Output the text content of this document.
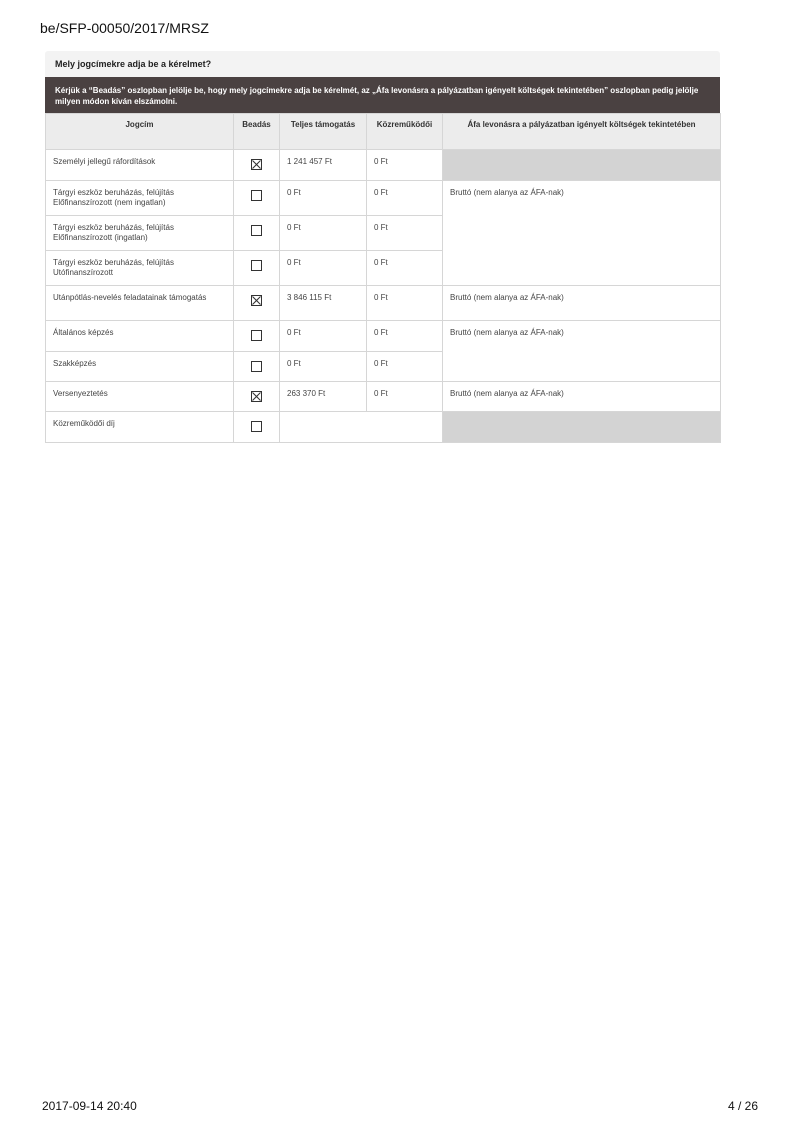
be/SFP-00050/2017/MRSZ
Mely jogcímekre adja be a kérelmet?
Kérjük a “Beadás” oszlopban jelölje be, hogy mely jogcímekre adja be kérelmét, az „Áfa levonásra a pályázatban igényelt költségek tekintetében” oszlopban pedig jelölje milyen módon kíván elszámolni.
Jogcím	Beadás	Teljes támogatás	Közreműködői	Áfa levonásra a pályázatban igényelt költségek tekintetében
Személyi jellegű ráfordítások		1 241 457 Ft	0 Ft	
Tárgyi eszköz beruházás, felújítás Előfinanszírozott (nem ingatlan)		0 Ft	0 Ft	Bruttó (nem alanya az ÁFA-nak)
Tárgyi eszköz beruházás, felújítás Előfinanszírozott (ingatlan)		0 Ft	0 Ft	
Tárgyi eszköz beruházás, felújítás Utófinanszírozott		0 Ft	0 Ft	
Utánpótlás-nevelés feladatainak támogatás		3 846 115 Ft	0 Ft	Bruttó (nem alanya az ÁFA-nak)
Általános képzés		0 Ft	0 Ft	Bruttó (nem alanya az ÁFA-nak)
Szakképzés		0 Ft	0 Ft	
Versenyeztetés		263 370 Ft	0 Ft	Bruttó (nem alanya az ÁFA-nak)
Közreműködői díj				
2017-09-14 20:40	4 / 26
